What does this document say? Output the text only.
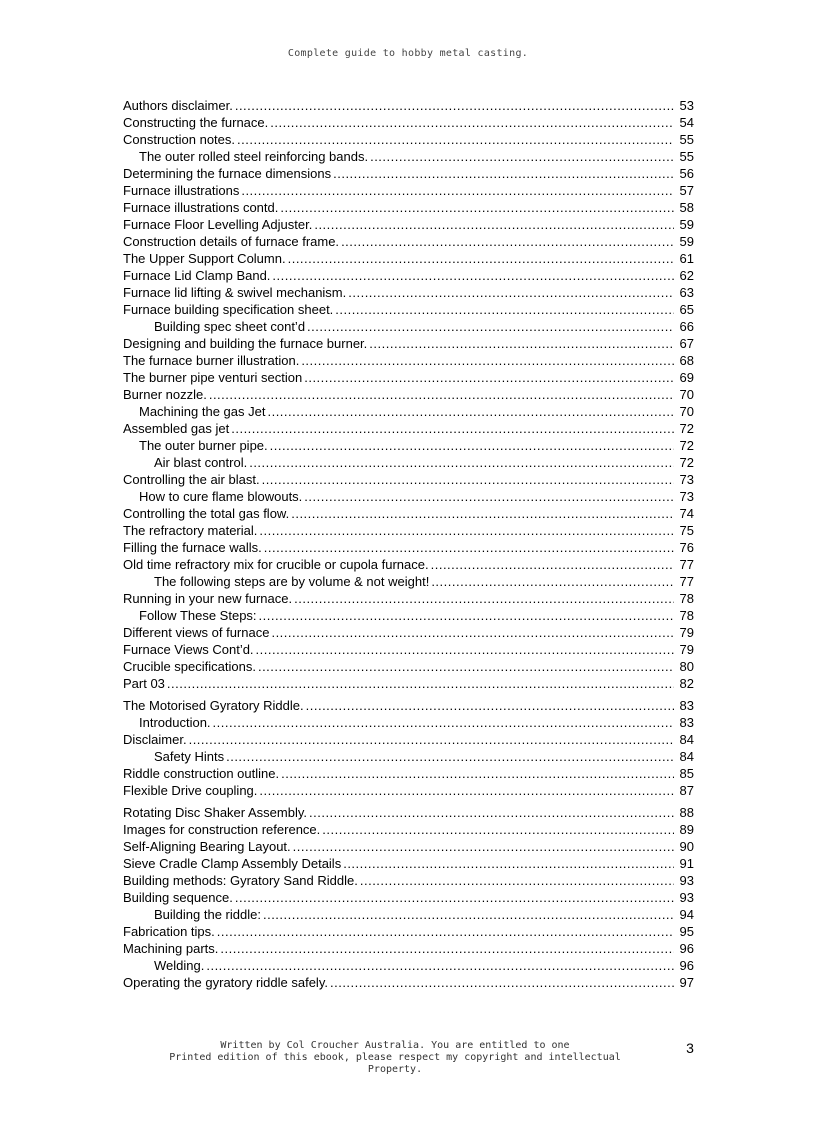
Complete guide to hobby metal casting.
Authors disclaimer. .....	53
Constructing the furnace. .....	54
Construction notes. .....	55
The outer rolled steel reinforcing bands. .....	55
Determining the furnace dimensions .....	56
Furnace illustrations .....	57
Furnace illustrations contd. .....	58
Furnace Floor Levelling Adjuster. .....	59
Construction details of furnace frame. .....	59
The Upper Support Column. .....	61
Furnace Lid Clamp Band. .....	62
Furnace lid lifting & swivel mechanism. .....	63
Furnace building specification sheet. .....	65
Building spec sheet cont’d .....	66
Designing and building the furnace burner. .....	67
The furnace burner illustration. .....	68
The burner pipe venturi section .....	69
Burner nozzle. .....	70
Machining the gas Jet .....	70
Assembled gas jet .....	72
The outer burner pipe. .....	72
Air blast control. .....	72
Controlling the air blast. .....	73
How to cure flame blowouts. .....	73
Controlling the total gas flow. .....	74
The refractory material. .....	75
Filling the furnace walls. .....	76
Old time refractory mix for crucible or cupola furnace. .....	77
The following steps are by volume & not weight! .....	77
Running in your new furnace. .....	78
Follow These Steps: .....	78
Different views of furnace .....	79
Furnace Views Cont’d. .....	79
Crucible specifications. .....	80
Part 03 .....	82
The Motorised Gyratory Riddle. .....	83
Introduction. .....	83
Disclaimer. .....	84
Safety Hints .....	84
Riddle construction outline. .....	85
Flexible Drive coupling. .....	87
Rotating Disc Shaker Assembly. .....	88
Images for construction reference. .....	89
Self-Aligning Bearing Layout. .....	90
Sieve Cradle Clamp Assembly Details .....	91
Building methods: Gyratory Sand Riddle. .....	93
Building sequence. .....	93
Building the riddle: .....	94
Fabrication tips. .....	95
Machining parts. .....	96
Welding. .....	96
Operating the gyratory riddle safely. .....	97
Written by Col Croucher Australia. You are entitled to one
Printed edition of this ebook, please respect my copyright and intellectual
Property.
3
